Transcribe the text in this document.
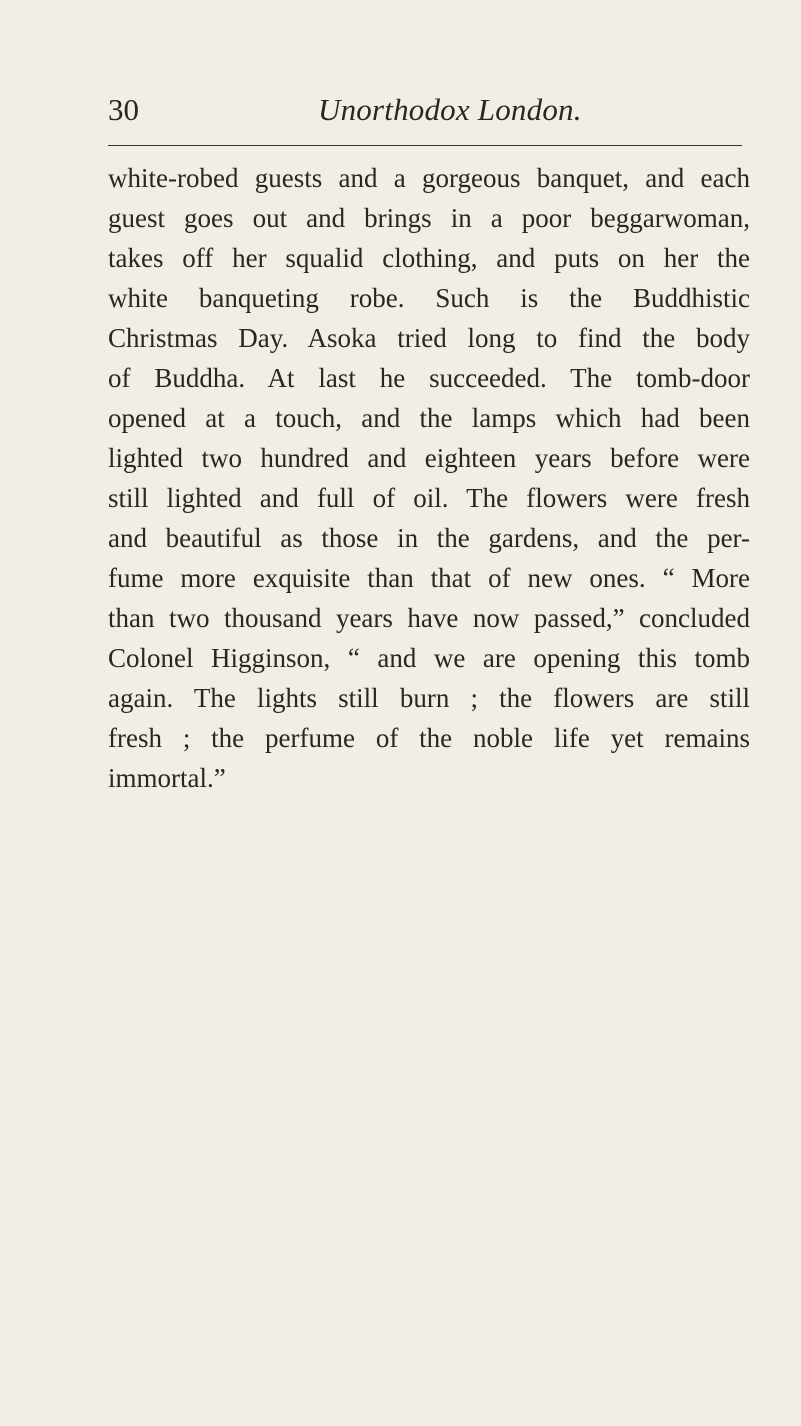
30	Unorthodox London.
white-robed guests and a gorgeous banquet, and each
guest goes out and brings in a poor beggarwoman,
takes off her squalid clothing, and puts on her the
white banqueting robe. Such is the Buddhistic
Christmas Day. Asoka tried long to find the body
of Buddha. At last he succeeded. The tomb-door
opened at a touch, and the lamps which had been
lighted two hundred and eighteen years before were
still lighted and full of oil. The flowers were fresh
and beautiful as those in the gardens, and the per-
fume more exquisite than that of new ones. “ More
than two thousand years have now passed,” concluded
Colonel Higginson, “ and we are opening this tomb
again. The lights still burn ; the flowers are still
fresh ; the perfume of the noble life yet remains
immortal.”
